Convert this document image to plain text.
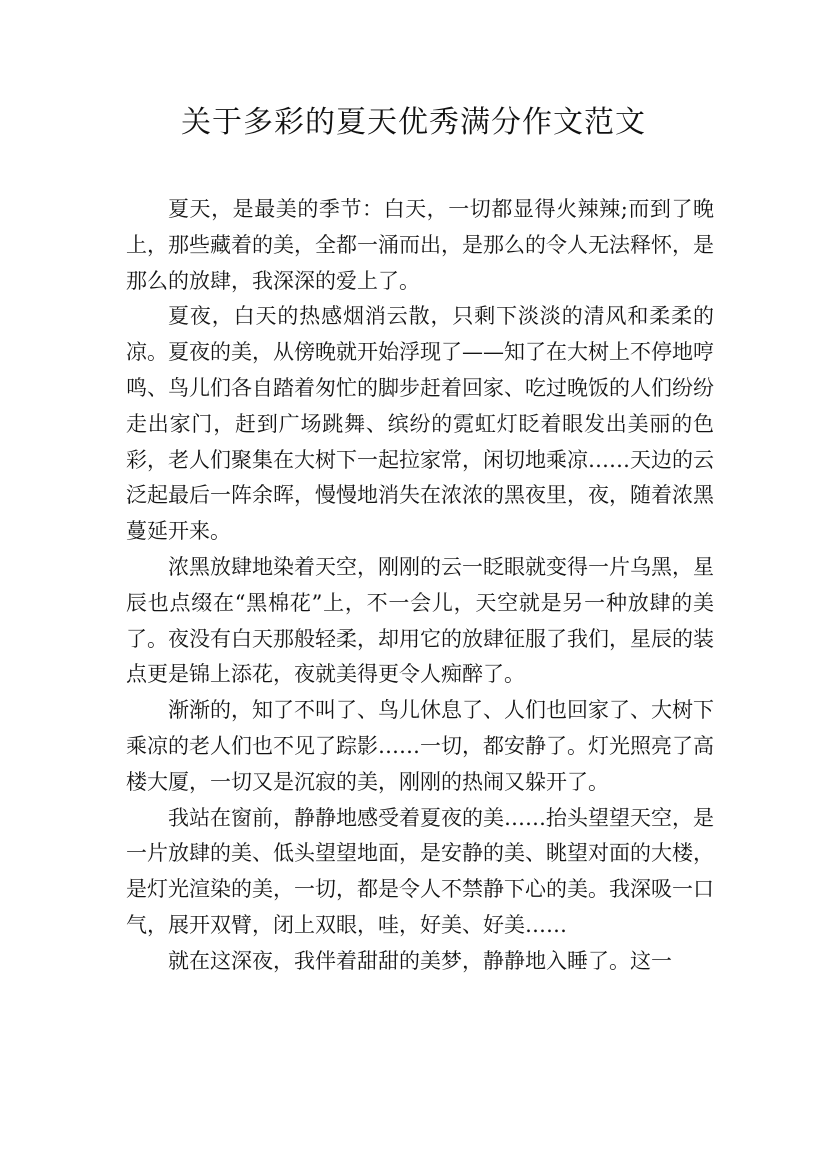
关于多彩的夏天优秀满分作文范文

夏天，是最美的季节：白天，一切都显得火辣辣;而到了晚上，那些藏着的美，全都一涌而出，是那么的令人无法释怀，是那么的放肆，我深深的爱上了。

夏夜，白天的热感烟消云散，只剩下淡淡的清风和柔柔的凉。夏夜的美，从傍晚就开始浮现了——知了在大树上不停地哼鸣、鸟儿们各自踏着匆忙的脚步赶着回家、吃过晚饭的人们纷纷走出家门，赶到广场跳舞、缤纷的霓虹灯眨着眼发出美丽的色彩，老人们聚集在大树下一起拉家常，闲切地乘凉……天边的云泛起最后一阵余晖，慢慢地消失在浓浓的黑夜里，夜，随着浓黑蔓延开来。

浓黑放肆地染着天空，刚刚的云一眨眼就变得一片乌黑，星辰也点缀在“黑棉花”上，不一会儿，天空就是另一种放肆的美了。夜没有白天那般轻柔，却用它的放肆征服了我们，星辰的装点更是锦上添花，夜就美得更令人痴醉了。

渐渐的，知了不叫了、鸟儿休息了、人们也回家了、大树下乘凉的老人们也不见了踪影……一切，都安静了。灯光照亮了高楼大厦，一切又是沉寂的美，刚刚的热闹又躲开了。

我站在窗前，静静地感受着夏夜的美……抬头望望天空，是一片放肆的美、低头望望地面，是安静的美、眺望对面的大楼，是灯光渲染的美，一切，都是令人不禁静下心的美。我深吸一口气，展开双臂，闭上双眼，哇，好美、好美……

就在这深夜，我伴着甜甜的美梦，静静地入睡了。这一
